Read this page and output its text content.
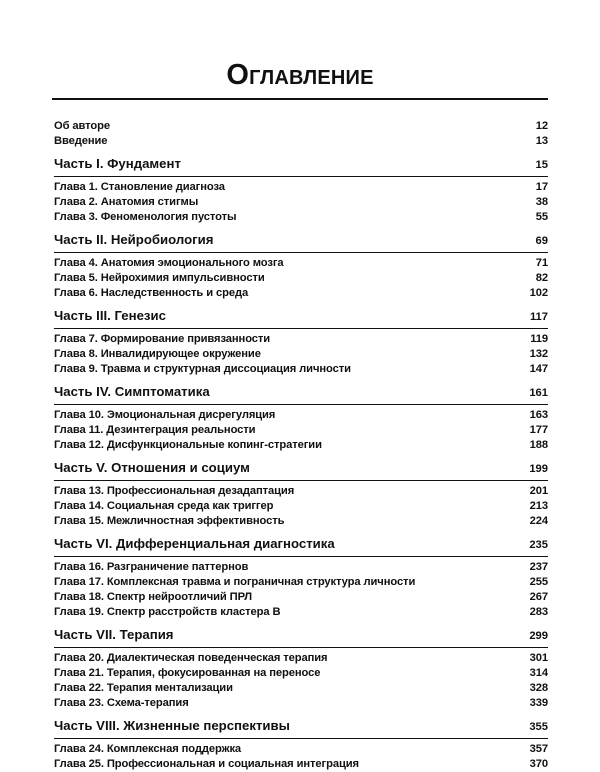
Оглавление
Об авторе	12
Введение	13
Часть I. Фундамент	15
Глава 1. Становление диагноза	17
Глава 2. Анатомия стигмы	38
Глава 3. Феноменология пустоты	55
Часть II. Нейробиология	69
Глава 4. Анатомия эмоционального мозга	71
Глава 5. Нейрохимия импульсивности	82
Глава 6. Наследственность и среда	102
Часть III. Генезис	117
Глава 7. Формирование привязанности	119
Глава 8. Инвалидирующее окружение	132
Глава 9. Травма и структурная диссоциация личности	147
Часть IV. Симптоматика	161
Глава 10. Эмоциональная дисрегуляция	163
Глава 11. Дезинтеграция реальности	177
Глава 12. Дисфункциональные копинг-стратегии	188
Часть V. Отношения и социум	199
Глава 13. Профессиональная дезадаптация	201
Глава 14. Социальная среда как триггер	213
Глава 15. Межличностная эффективность	224
Часть VI. Дифференциальная диагностика	235
Глава 16. Разграничение паттернов	237
Глава 17. Комплексная травма и пограничная структура личности	255
Глава 18. Спектр нейроотличий ПРЛ	267
Глава 19. Спектр расстройств кластера B	283
Часть VII. Терапия	299
Глава 20. Диалектическая поведенческая терапия	301
Глава 21. Терапия, фокусированная на переносе	314
Глава 22. Терапия ментализации	328
Глава 23. Схема-терапия	339
Часть VIII. Жизненные перспективы	355
Глава 24. Комплексная поддержка	357
Глава 25. Профессиональная и социальная интеграция	370
